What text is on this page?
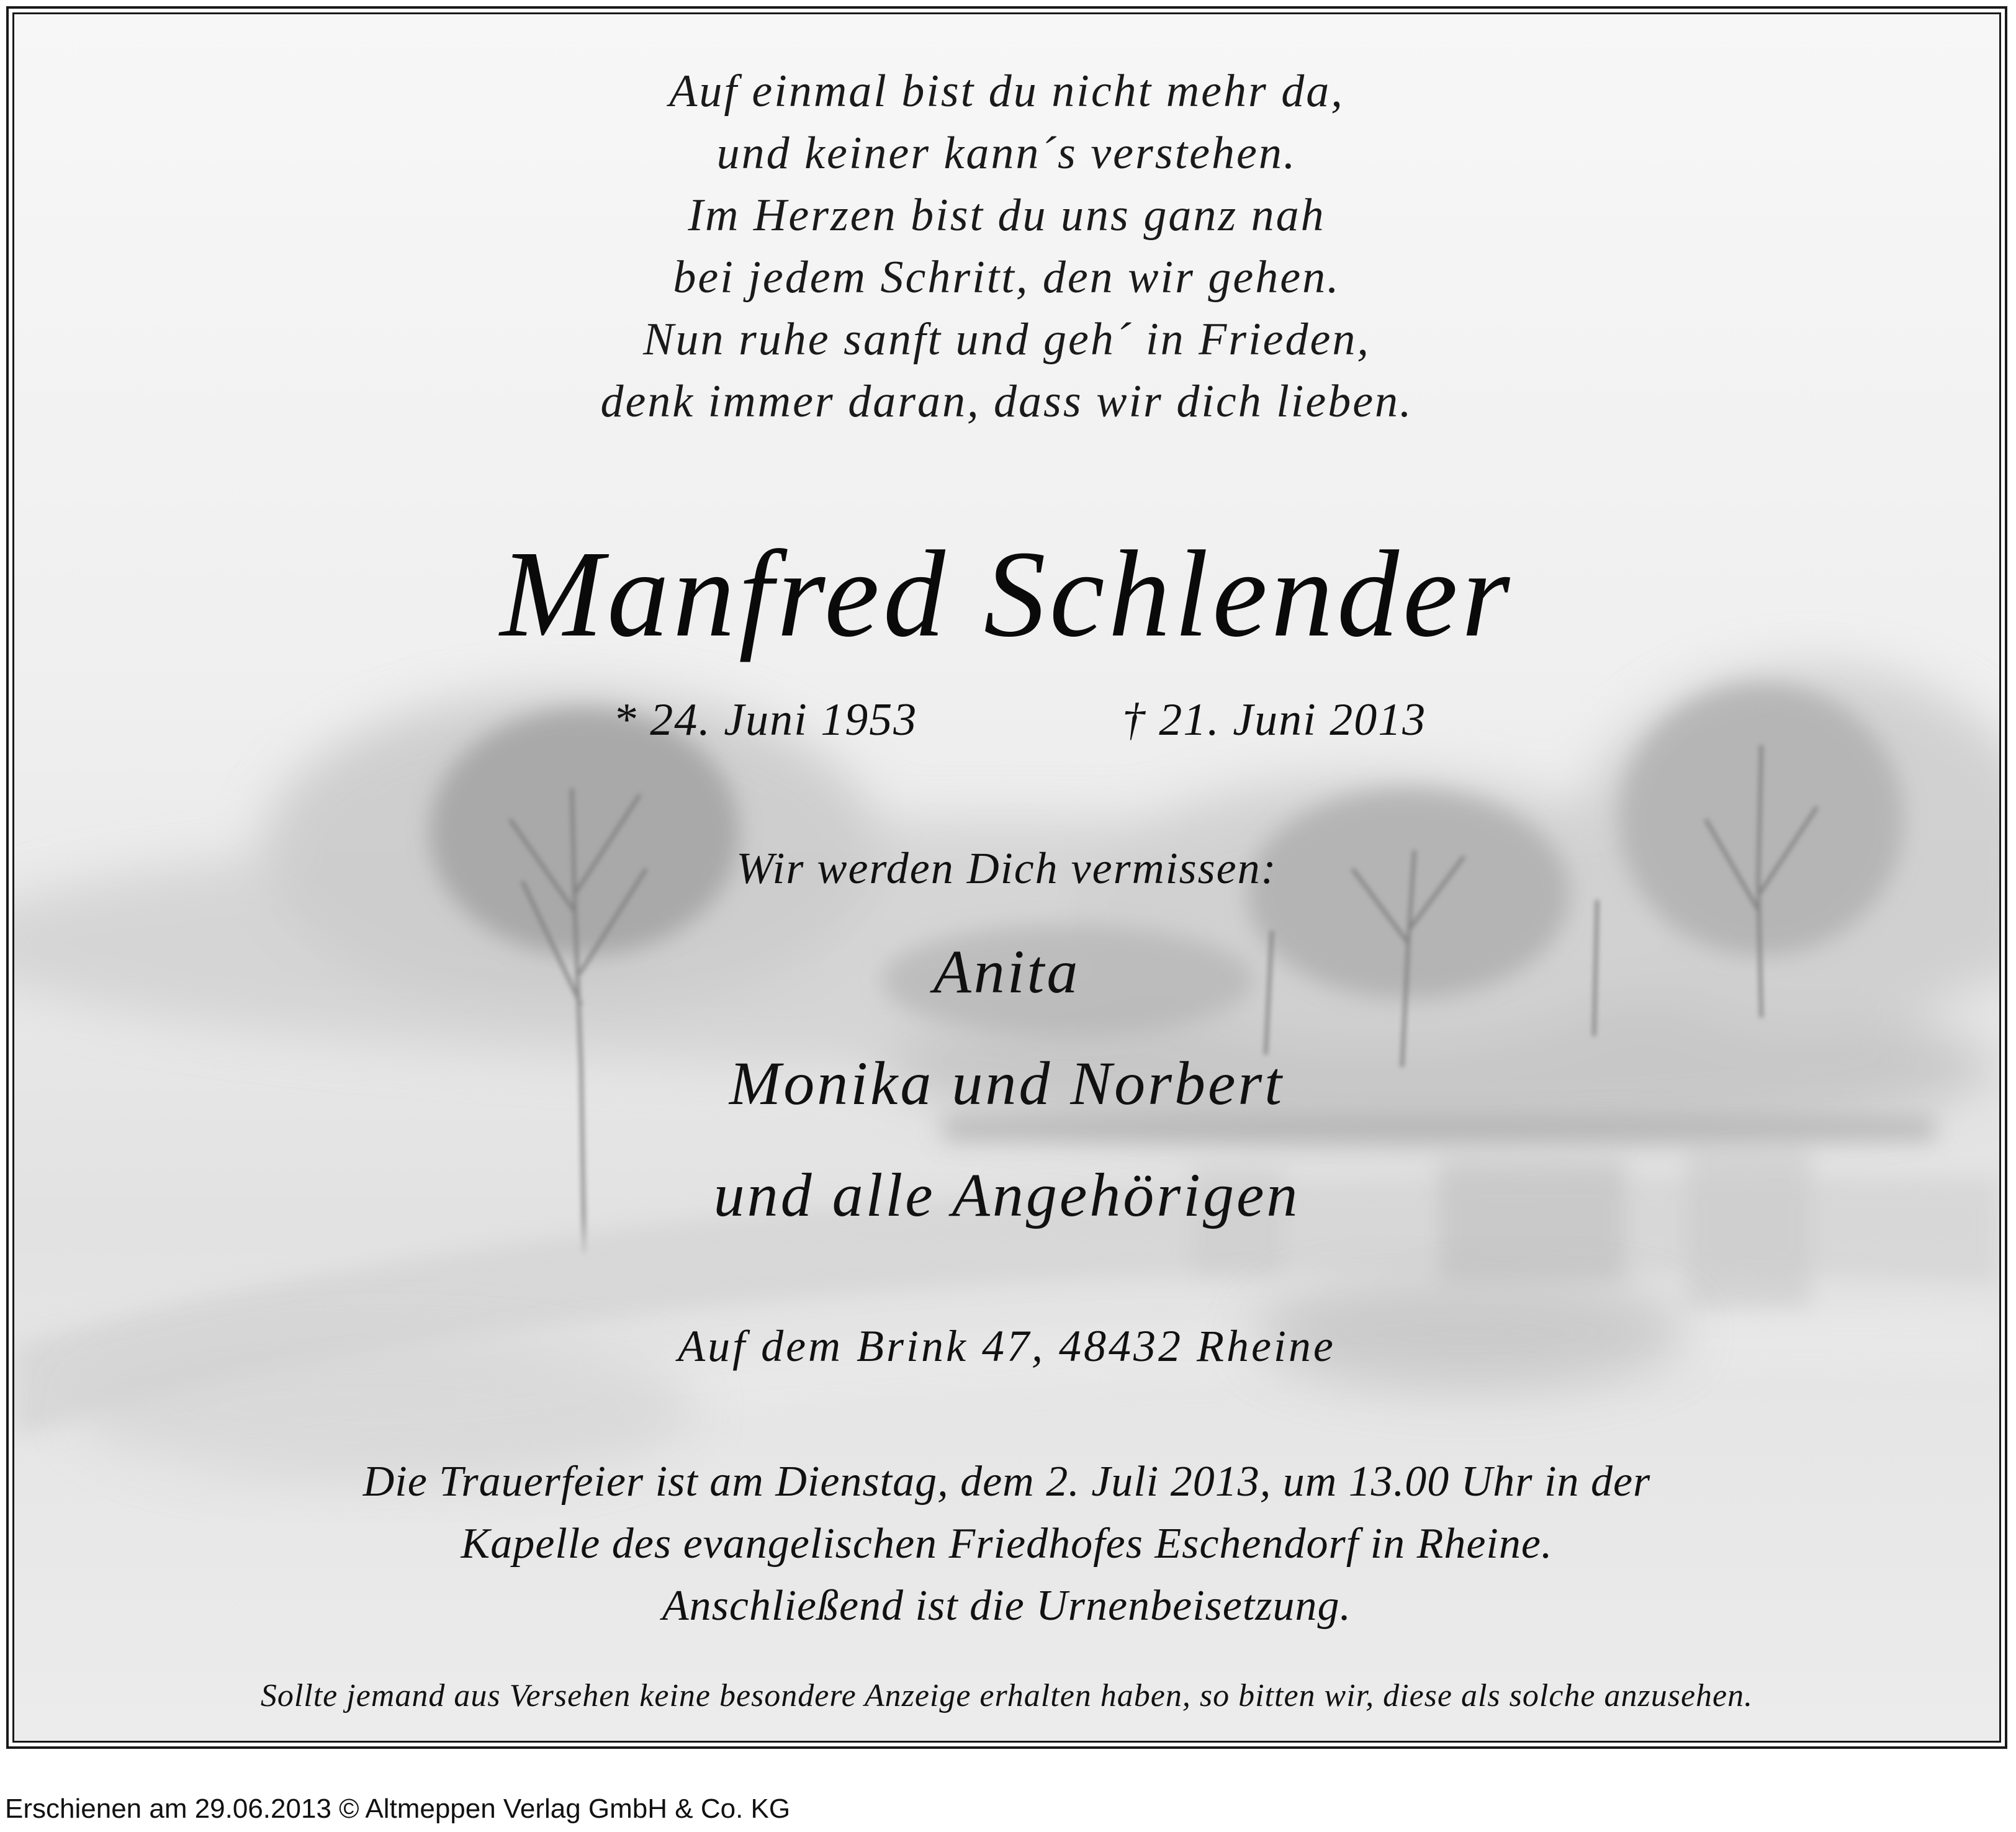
Auf einmal bist du nicht mehr da,
und keiner kann´s verstehen.
Im Herzen bist du uns ganz nah
bei jedem Schritt, den wir gehen.
Nun ruhe sanft und geh´ in Frieden,
denk immer daran, dass wir dich lieben.
Manfred Schlender
* 24. Juni 1953	† 21. Juni 2013
Wir werden Dich vermissen:
Anita
Monika und Norbert
und alle Angehörigen
Auf dem Brink 47, 48432 Rheine
Die Trauerfeier ist am Dienstag, dem 2. Juli 2013, um 13.00 Uhr in der
Kapelle des evangelischen Friedhofes Eschendorf in Rheine.
Anschließend ist die Urnenbeisetzung.
Sollte jemand aus Versehen keine besondere Anzeige erhalten haben, so bitten wir, diese als solche anzusehen.
Erschienen am 29.06.2013 © Altmeppen Verlag GmbH & Co. KG
